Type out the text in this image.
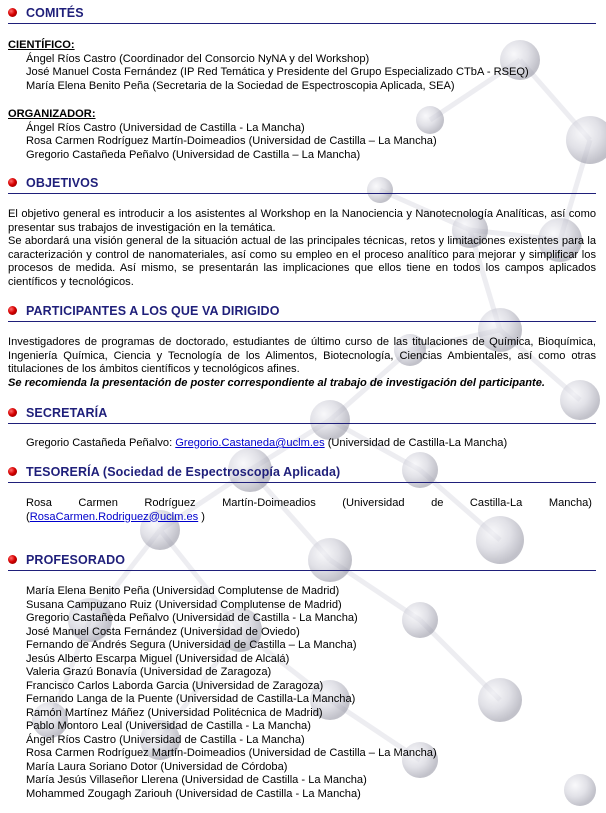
COMITÉS
CIENTÍFICO:
Ángel Ríos Castro (Coordinador del Consorcio NyNA y del Workshop)
José Manuel Costa Fernández (IP Red Temática y Presidente del Grupo Especializado CTbA - RSEQ)
María Elena Benito Peña (Secretaria de la Sociedad de Espectroscopia Aplicada, SEA)
ORGANIZADOR:
Ángel Ríos Castro (Universidad de Castilla - La Mancha)
Rosa Carmen Rodríguez Martín-Doimeadios (Universidad de Castilla – La Mancha)
Gregorio Castañeda Peñalvo (Universidad de Castilla – La Mancha)
OBJETIVOS
El objetivo general es introducir a los asistentes al Workshop en la Nanociencia y Nanotecnología Analíticas, así como presentar sus trabajos de investigación en la temática.
Se abordará una visión general de la situación actual de las principales técnicas, retos y limitaciones existentes para la caracterización y control de nanomateriales, así como su empleo en el proceso analítico para mejorar y simplificar los procesos de medida. Así mismo, se presentarán las implicaciones que ellos tiene en todos los campos aplicados científicos y tecnológicos.
PARTICIPANTES A LOS QUE VA DIRIGIDO
Investigadores de programas de doctorado, estudiantes de último curso de las titulaciones de Química, Bioquímica, Ingeniería Química, Ciencia y Tecnología de los Alimentos, Biotecnología, Ciencias Ambientales, así como otras titulaciones de los ámbitos científicos y tecnológicos afines.
Se recomienda la presentación de poster correspondiente al trabajo de investigación del participante.
SECRETARÍA
Gregorio Castañeda Peñalvo: Gregorio.Castaneda@uclm.es (Universidad de Castilla-La Mancha)
TESORERÍA (Sociedad de Espectroscopía Aplicada)
Rosa Carmen Rodríguez Martín-Doimeadios (Universidad de Castilla-La Mancha)
(RosaCarmen.Rodriguez@uclm.es )
PROFESORADO
María Elena Benito Peña (Universidad Complutense de Madrid)
Susana Campuzano Ruiz (Universidad Complutense de Madrid)
Gregorio Castañeda Peñalvo (Universidad de Castilla - La Mancha)
José Manuel Costa Fernández (Universidad de Oviedo)
Fernando de Andrés Segura (Universidad de Castilla – La Mancha)
Jesús Alberto Escarpa Miguel (Universidad de Alcalá)
Valeria Grazú Bonavía (Universidad de Zaragoza)
Francisco Carlos Laborda Garcia (Universidad de Zaragoza)
Fernando Langa de la Puente (Universidad de Castilla-La Mancha)
Ramón Martínez Máñez (Universidad Politécnica de Madrid)
Pablo Montoro Leal (Universidad de Castilla - La Mancha)
Ángel Ríos Castro (Universidad de Castilla - La Mancha)
Rosa Carmen Rodríguez Martín-Doimeadios (Universidad de Castilla – La Mancha)
María Laura Soriano Dotor (Universidad de Córdoba)
María Jesús Villaseñor Llerena (Universidad de Castilla - La Mancha)
Mohammed Zougagh Zariouh (Universidad de Castilla - La Mancha)
